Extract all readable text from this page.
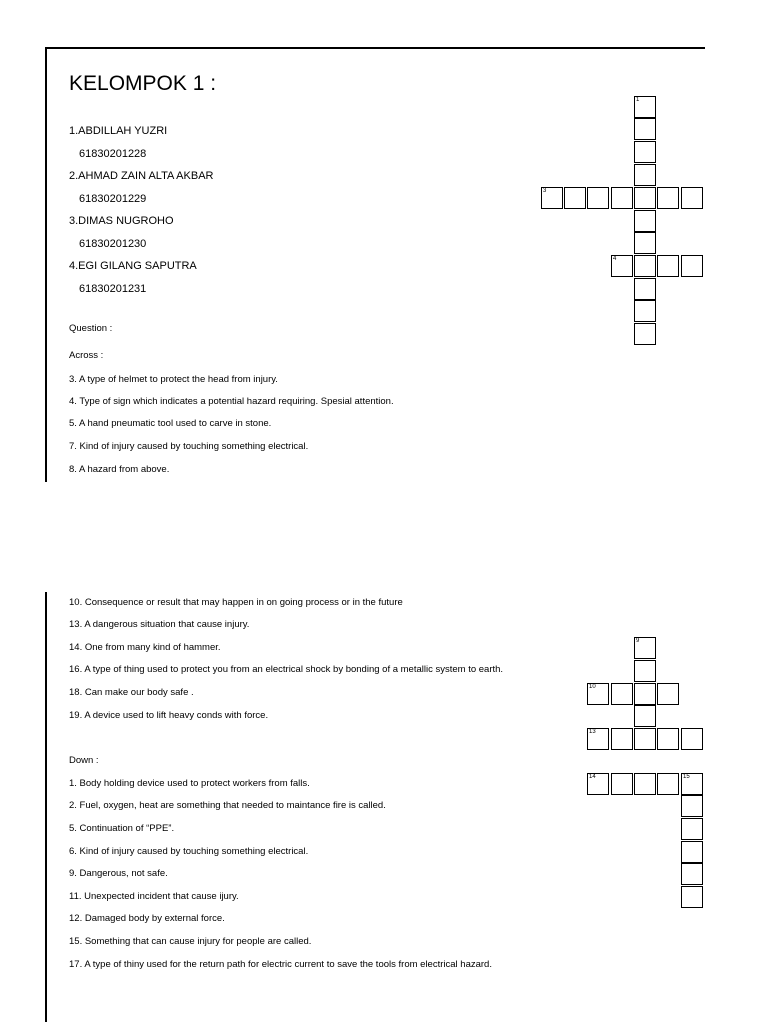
KELOMPOK 1 :
1.ABDILLAH YUZRI
61830201228
2.AHMAD ZAIN ALTA AKBAR
61830201229
3.DIMAS NUGROHO
61830201230
4.EGI GILANG SAPUTRA
61830201231
Question :
Across :
3. A type of helmet to protect the head from injury.
4. Type of sign which indicates a potential hazard requiring. Spesial attention.
5. A hand pneumatic tool used to carve in stone.
7. Kind of injury caused by touching something electrical.
8. A hazard from above.
10. Consequence or result that may happen in on going process or in the future
13. A dangerous situation that cause injury.
14. One from many kind of hammer.
16. A type of thing used to protect you from an electrical shock by bonding of a metallic system to earth.
18. Can make our body safe .
19. A device used to lift heavy conds with force.
Down :
1. Body holding device used to protect workers from falls.
2. Fuel, oxygen, heat are something that needed to maintance fire is called.
5. Continuation of “PPE”.
6. Kind of injury caused by touching something electrical.
9. Dangerous, not safe.
11. Unexpected incident that cause ijury.
12. Damaged body by external force.
15. Something that can cause injury for people are called.
17. A type of thiny used for the return path for electric current to save the tools from electrical hazard.
1
3
4
9
10
13
14	15
